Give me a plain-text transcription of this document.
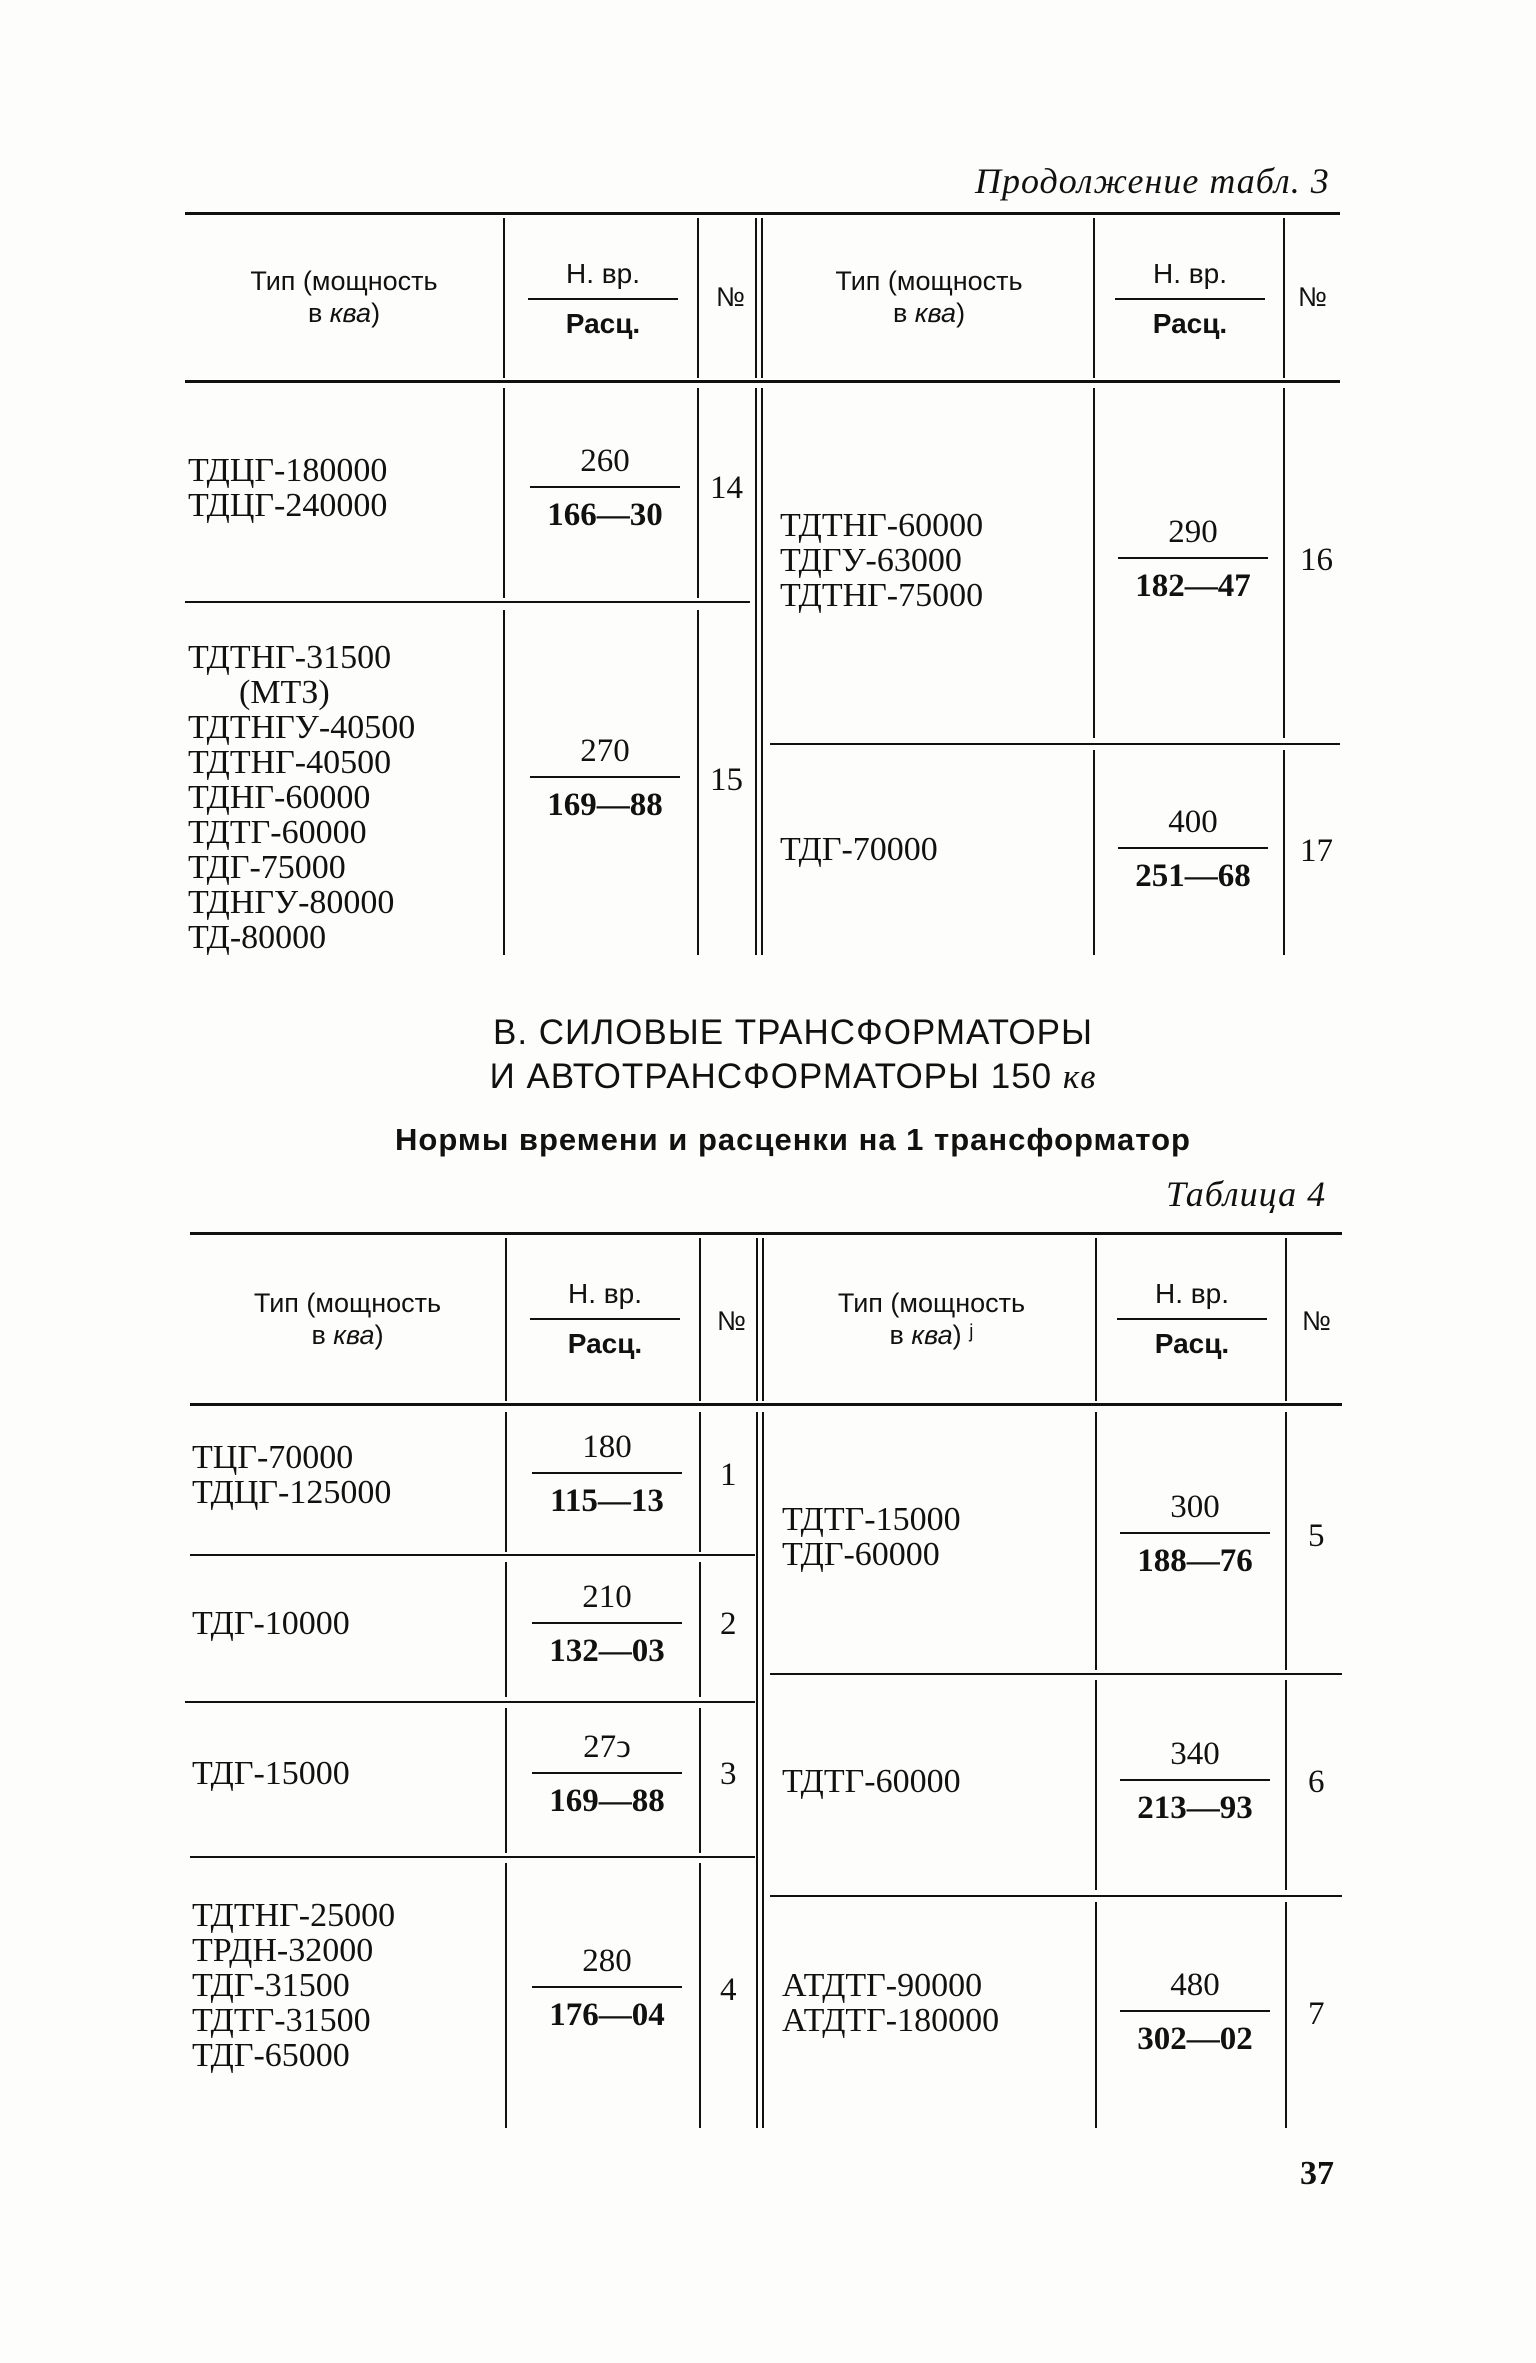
Продолжение табл. 3
Тип (мощность
в ква)
Н. вр.
Расц.
№
Тип (мощность
в ква)
Н. вр.
Расц.
№
ТДЦГ-180000
ТДЦГ-240000
260
166—30
14
ТДТНГ-31500
(МТЗ)
ТДТНГУ-40500
ТДТНГ-40500
ТДНГ-60000
ТДТГ-60000
ТДГ-75000
ТДНГУ-80000
ТД-80000
270
169—88
15
ТДТНГ-60000
ТДГУ-63000
ТДТНГ-75000
290
182—47
16
ТДГ-70000
400
251—68
17
В. СИЛОВЫЕ ТРАНСФОРМАТОРЫ
И АВТОТРАНСФОРМАТОРЫ 150 кв
Нормы времени и расценки на 1 трансформатор
Таблица 4
Тип (мощность
в ква)
Н. вр.
Расц.
№
Тип (мощность
в ква) ʲ
Н. вр.
Расц.
№
ТЦГ-70000
ТДЦГ-125000
180
115—13
1
ТДГ-10000
210
132—03
2
ТДГ-15000
27ↄ
169—88
3
ТДТНГ-25000
ТРДН-32000
ТДГ-31500
ТДТГ-31500
ТДГ-65000
280
176—04
4
ТДТГ-15000
ТДГ-60000
300
188—76
5
ТДТГ-60000
340
213—93
6
АТДТГ-90000
АТДТГ-180000
480
302—02
7
37
